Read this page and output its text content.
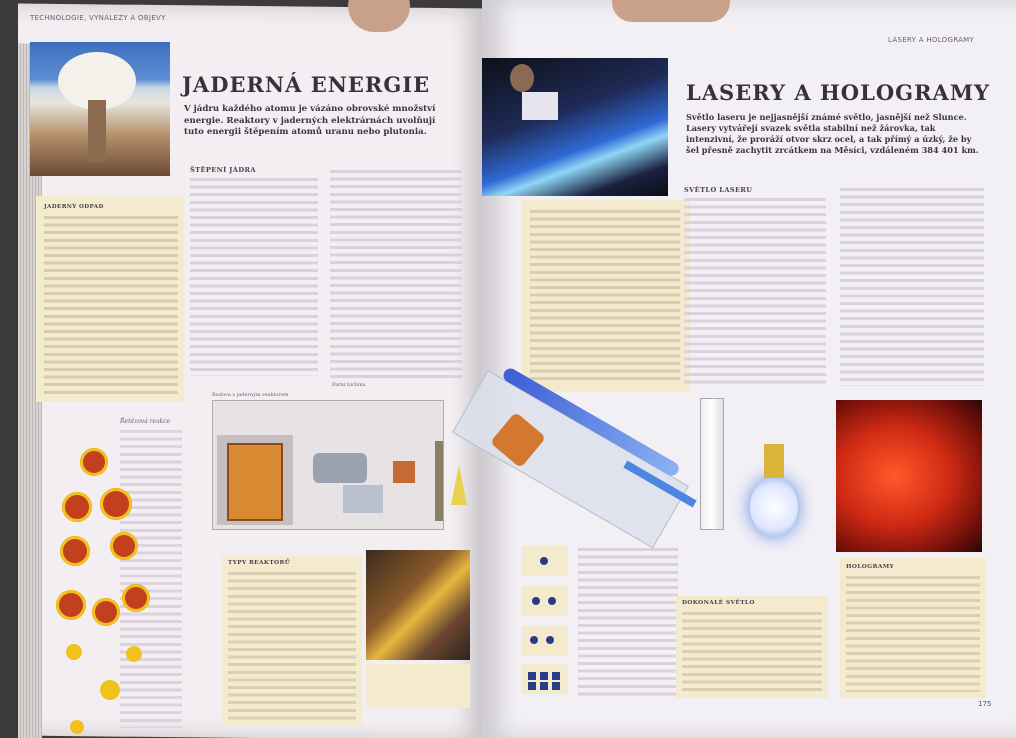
TECHNOLOGIE, VYNÁLEZY A OBJEVY
JADERNÁ ENERGIE
V jádru každého atomu je vázáno obrovské množství energie. Reaktory v jaderných elektrárnách uvolňují tuto energii štěpením atomů uranu nebo plutonia.
ŠTĚPENÍ JÁDRA
JADERNÝ ODPAD
Řetězová reakce
Budova s jaderným reaktorem
Parní turbína
TYPY REAKTORŮ
LASERY A HOLOGRAMY
LASERY A HOLOGRAMY
Světlo laseru je nejjasnější známé světlo, jasnější než Slunce. Lasery vytvářejí svazek světla stabilní než žárovka, tak intenzivní, že proráží otvor skrz ocel, a tak přímý a úzký, že by šel přesně zachytit zrcátkem na Měsíci, vzdáleném 384 401 km.
SVĚTLO LASERU
HOLOGRAMY
DOKONALÉ SVĚTLO
175
